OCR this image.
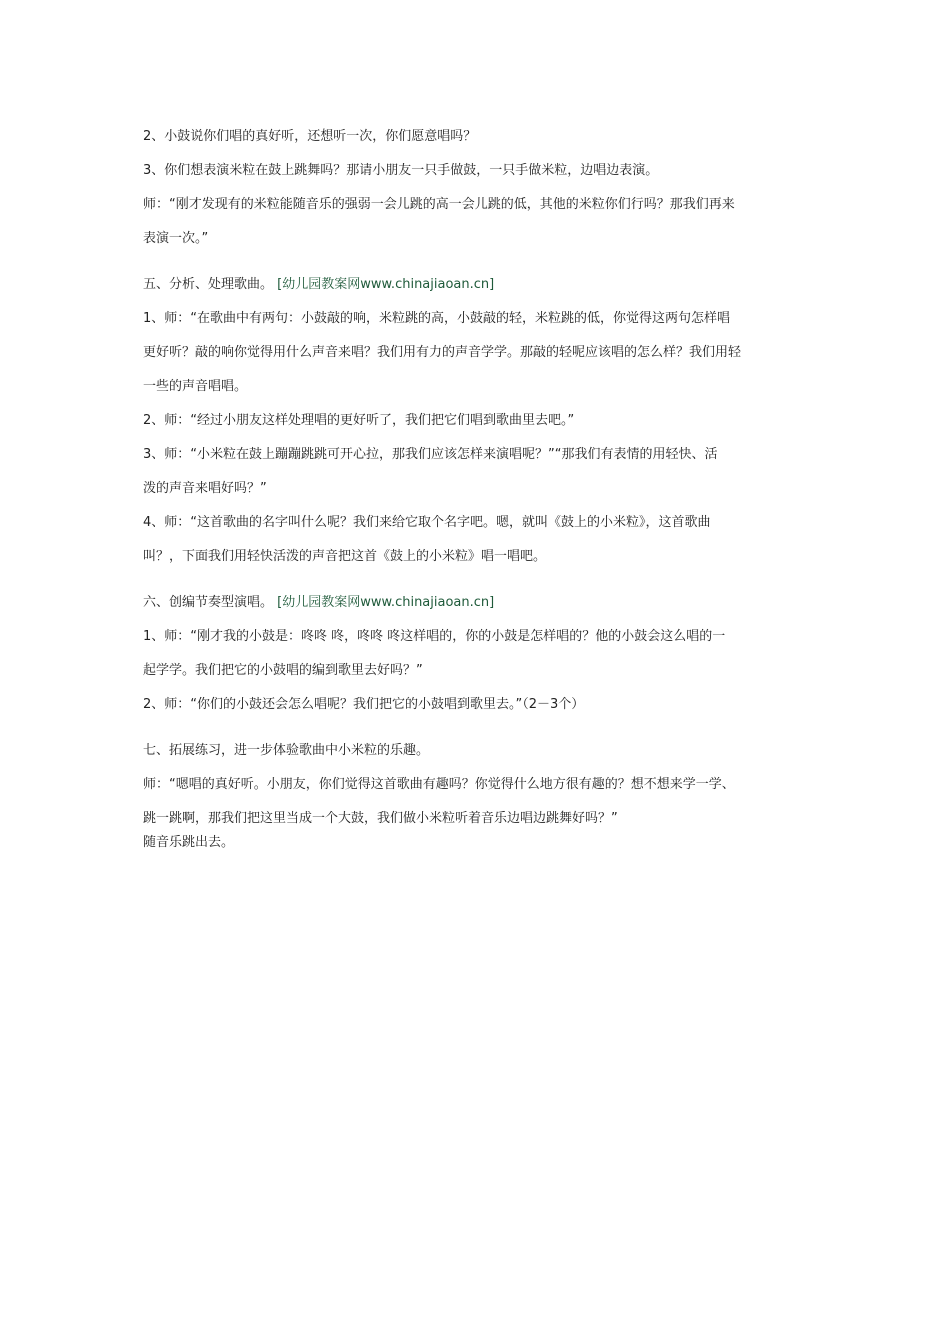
2、小鼓说你们唱的真好听，还想听一次，你们愿意唱吗？

3、你们想表演米粒在鼓上跳舞吗？那请小朋友一只手做鼓，一只手做米粒，边唱边表演。

师：“刚才发现有的米粒能随音乐的强弱一会儿跳的高一会儿跳的低，其他的米粒你们行吗？那我们再来

表演一次。”

五、分析、处理歌曲。 [幼儿园教案网www.chinajiaoan.cn]

1、师：“在歌曲中有两句：小鼓敲的响，米粒跳的高，小鼓敲的轻，米粒跳的低，你觉得这两句怎样唱

更好听？敲的响你觉得用什么声音来唱？我们用有力的声音学学。那敲的轻呢应该唱的怎么样？我们用轻

一些的声音唱唱。

2、师：“经过小朋友这样处理唱的更好听了，我们把它们唱到歌曲里去吧。”

3、师：“小米粒在鼓上蹦蹦跳跳可开心拉，那我们应该怎样来演唱呢？”“那我们有表情的用轻快、活

泼的声音来唱好吗？”

4、师：“这首歌曲的名字叫什么呢？我们来给它取个名字吧。嗯，就叫《鼓上的小米粒》，这首歌曲

叫？，下面我们用轻快活泼的声音把这首《鼓上的小米粒》唱一唱吧。

六、创编节奏型演唱。 [幼儿园教案网www.chinajiaoan.cn]

1、师：“刚才我的小鼓是：咚咚 咚，咚咚 咚这样唱的，你的小鼓是怎样唱的？他的小鼓会这么唱的一

起学学。我们把它的小鼓唱的编到歌里去好吗？”

2、师：“你们的小鼓还会怎么唱呢？我们把它的小鼓唱到歌里去。”（2－3个）

七、拓展练习，进一步体验歌曲中小米粒的乐趣。

师：“嗯唱的真好听。小朋友，你们觉得这首歌曲有趣吗？你觉得什么地方很有趣的？想不想来学一学、

跳一跳啊，那我们把这里当成一个大鼓，我们做小米粒听着音乐边唱边跳舞好吗？”

随音乐跳出去。
